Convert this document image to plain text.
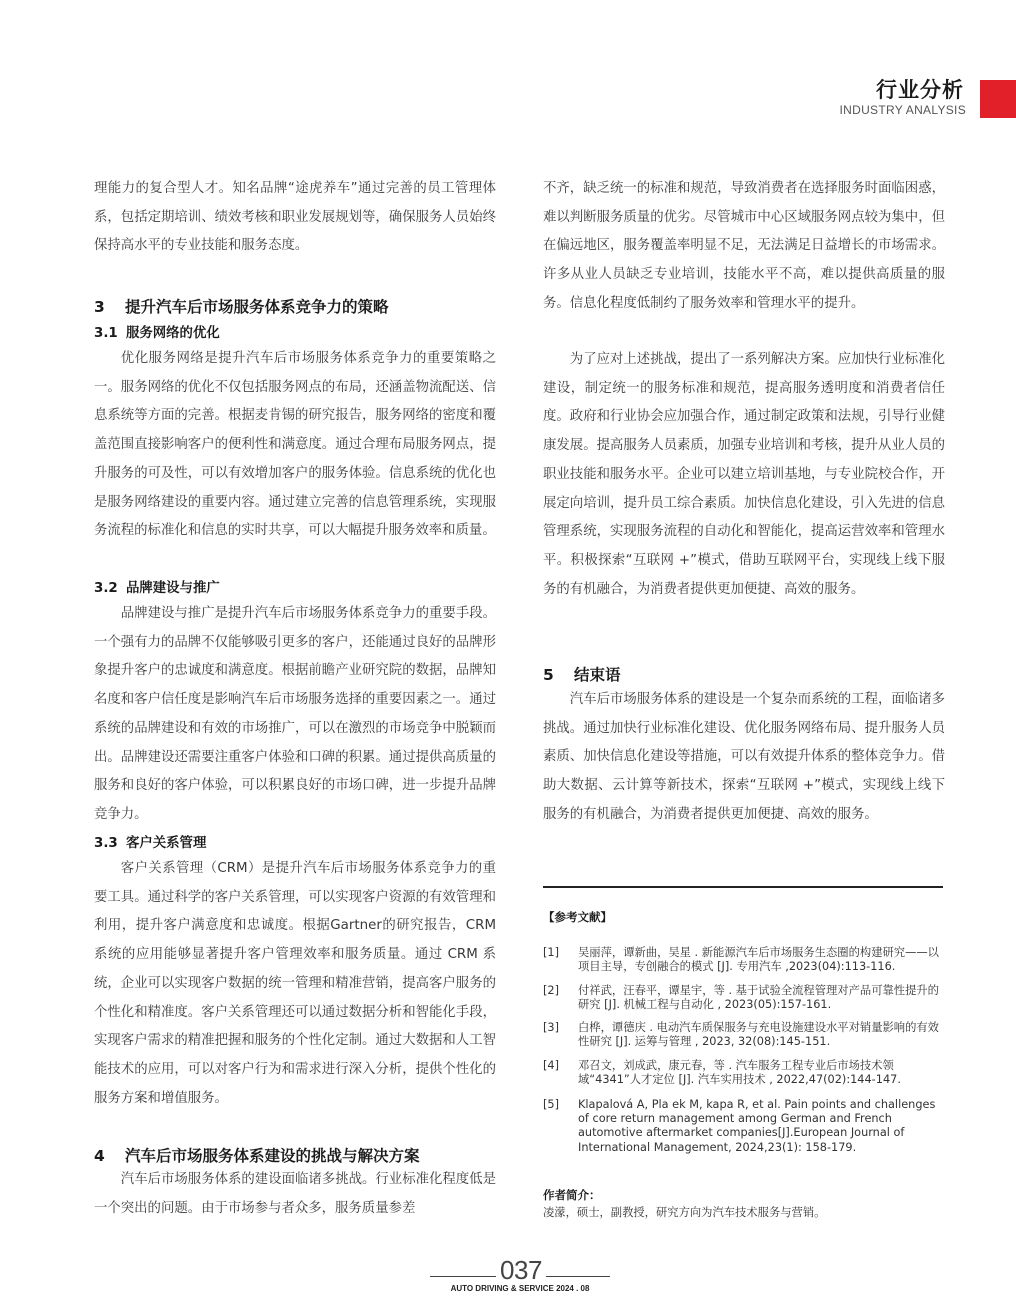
行业分析
INDUSTRY ANALYSIS
理能力的复合型人才。知名品牌“途虎养车”通过完善的员工管理体系，包括定期培训、绩效考核和职业发展规划等，确保服务人员始终保持高水平的专业技能和服务态度。
3 提升汽车后市场服务体系竞争力的策略
3.1 服务网络的优化
优化服务网络是提升汽车后市场服务体系竞争力的重要策略之一。服务网络的优化不仅包括服务网点的布局，还涵盖物流配送、信息系统等方面的完善。根据麦肯锡的研究报告，服务网络的密度和覆盖范围直接影响客户的便利性和满意度。通过合理布局服务网点，提升服务的可及性，可以有效增加客户的服务体验。信息系统的优化也是服务网络建设的重要内容。通过建立完善的信息管理系统，实现服务流程的标准化和信息的实时共享，可以大幅提升服务效率和质量。
3.2 品牌建设与推广
品牌建设与推广是提升汽车后市场服务体系竞争力的重要手段。一个强有力的品牌不仅能够吸引更多的客户，还能通过良好的品牌形象提升客户的忠诚度和满意度。根据前瞻产业研究院的数据，品牌知名度和客户信任度是影响汽车后市场服务选择的重要因素之一。通过系统的品牌建设和有效的市场推广，可以在激烈的市场竞争中脱颖而出。品牌建设还需要注重客户体验和口碑的积累。通过提供高质量的服务和良好的客户体验，可以积累良好的市场口碑，进一步提升品牌竞争力。
3.3 客户关系管理
客户关系管理（CRM）是提升汽车后市场服务体系竞争力的重要工具。通过科学的客户关系管理，可以实现客户资源的有效管理和利用，提升客户满意度和忠诚度。根据Gartner的研究报告，CRM 系统的应用能够显著提升客户管理效率和服务质量。通过 CRM 系统，企业可以实现客户数据的统一管理和精准营销，提高客户服务的个性化和精准度。客户关系管理还可以通过数据分析和智能化手段，实现客户需求的精准把握和服务的个性化定制。通过大数据和人工智能技术的应用，可以对客户行为和需求进行深入分析，提供个性化的服务方案和增值服务。
4 汽车后市场服务体系建设的挑战与解决方案
汽车后市场服务体系的建设面临诸多挑战。行业标准化程度低是一个突出的问题。由于市场参与者众多，服务质量参差
不齐，缺乏统一的标准和规范，导致消费者在选择服务时面临困惑，难以判断服务质量的优劣。尽管城市中心区域服务网点较为集中，但在偏远地区，服务覆盖率明显不足，无法满足日益增长的市场需求。许多从业人员缺乏专业培训，技能水平不高，难以提供高质量的服务。信息化程度低制约了服务效率和管理水平的提升。
为了应对上述挑战，提出了一系列解决方案。应加快行业标准化建设，制定统一的服务标准和规范，提高服务透明度和消费者信任度。政府和行业协会应加强合作，通过制定政策和法规，引导行业健康发展。提高服务人员素质，加强专业培训和考核，提升从业人员的职业技能和服务水平。企业可以建立培训基地，与专业院校合作，开展定向培训，提升员工综合素质。加快信息化建设，引入先进的信息管理系统，实现服务流程的自动化和智能化，提高运营效率和管理水平。积极探索“互联网 +”模式，借助互联网平台，实现线上线下服务的有机融合，为消费者提供更加便捷、高效的服务。
5 结束语
汽车后市场服务体系的建设是一个复杂而系统的工程，面临诸多挑战。通过加快行业标准化建设、优化服务网络布局、提升服务人员素质、加快信息化建设等措施，可以有效提升体系的整体竞争力。借助大数据、云计算等新技术，探索“互联网 +”模式，实现线上线下服务的有机融合，为消费者提供更加便捷、高效的服务。
【参考文献】
[1] 吴丽萍，谭新曲，吴星 . 新能源汽车后市场服务生态圈的构建研究——以项目主导，专创融合的模式 [J]. 专用汽车 ,2023(04):113-116.
[2] 付祥武，汪春平，谭星宇，等 . 基于试验全流程管理对产品可靠性提升的研究 [J]. 机械工程与自动化 , 2023(05):157-161.
[3] 白桦，谭德庆 . 电动汽车质保服务与充电设施建设水平对销量影响的有效性研究 [J]. 运筹与管理 , 2023, 32(08):145-151.
[4] 邓召文，刘成武，康元春，等 . 汽车服务工程专业后市场技术领域“4341”人才定位 [J]. 汽车实用技术 , 2022,47(02):144-147.
[5] Klapalová A, Pla ek M, kapa R, et al. Pain points and challenges of core return management among German and French automotive aftermarket companies[J].European Journal of International Management, 2024,23(1): 158-179.
作者简介：
凌濛，硕士，副教授，研究方向为汽车技术服务与营销。
037
AUTO DRIVING & SERVICE 2024 . 08
